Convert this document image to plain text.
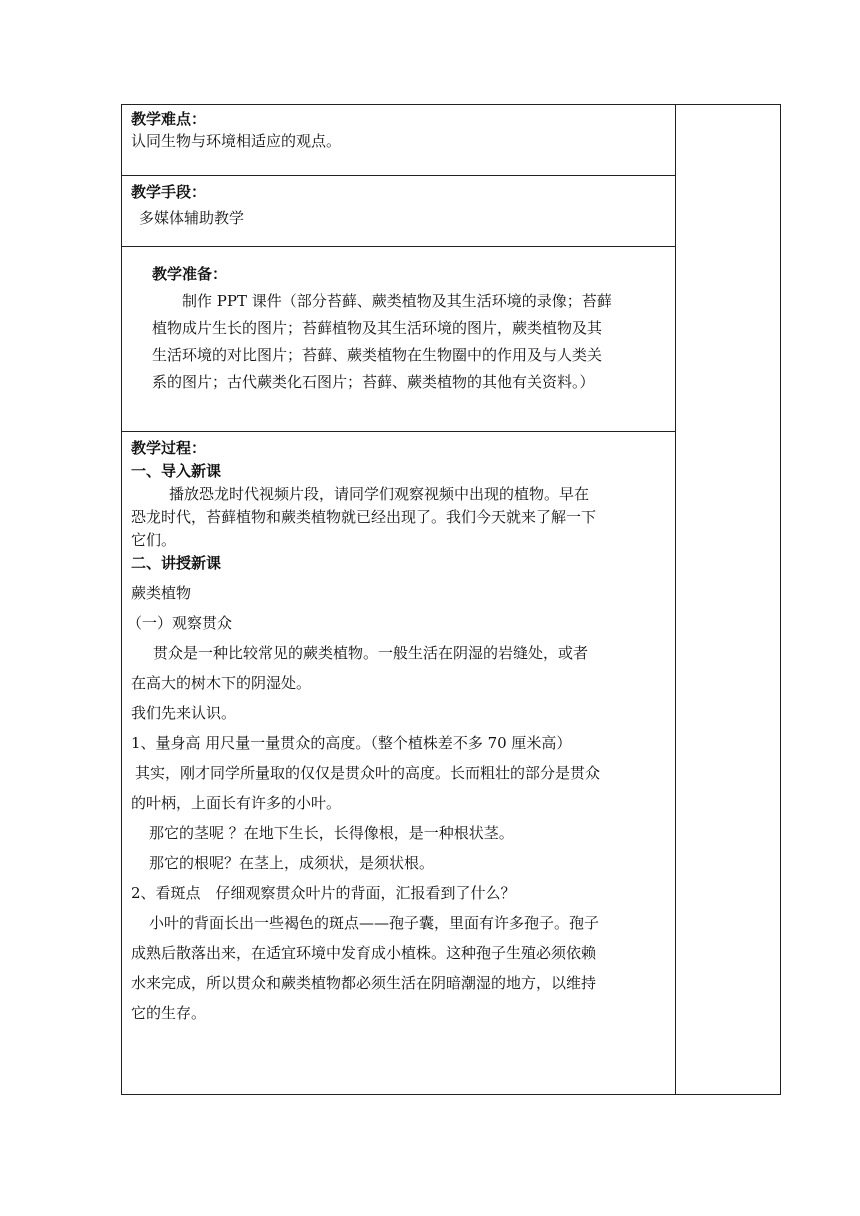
教学难点：

认同生物与环境相适应的观点。

教学手段：

多媒体辅助教学

教学准备：

制作 PPT 课件（部分苔藓、蕨类植物及其生活环境的录像；苔藓

植物成片生长的图片；苔藓植物及其生活环境的图片，蕨类植物及其

生活环境的对比图片；苔藓、蕨类植物在生物圈中的作用及与人类关

系的图片；古代蕨类化石图片；苔藓、蕨类植物的其他有关资料。）

教学过程：

一、导入新课

播放恐龙时代视频片段，请同学们观察视频中出现的植物。早在

恐龙时代，苔藓植物和蕨类植物就已经出现了。我们今天就来了解一下

它们。

二、讲授新课

蕨类植物

（一）观察贯众

贯众是一种比较常见的蕨类植物。一般生活在阴湿的岩缝处，或者

在高大的树木下的阴湿处。

我们先来认识。

1、量身高 用尺量一量贯众的高度。（整个植株差不多 70 厘米高）

其实，刚才同学所量取的仅仅是贯众叶的高度。长而粗壮的部分是贯众

的叶柄，上面长有许多的小叶。

那它的茎呢 ？在地下生长，长得像根，是一种根状茎。

那它的根呢？在茎上，成须状，是须状根。

2、看斑点　仔细观察贯众叶片的背面，汇报看到了什么？

小叶的背面长出一些褐色的斑点——孢子囊，里面有许多孢子。孢子

成熟后散落出来，在适宜环境中发育成小植株。这种孢子生殖必须依赖

水来完成，所以贯众和蕨类植物都必须生活在阴暗潮湿的地方，以维持

它的生存。
